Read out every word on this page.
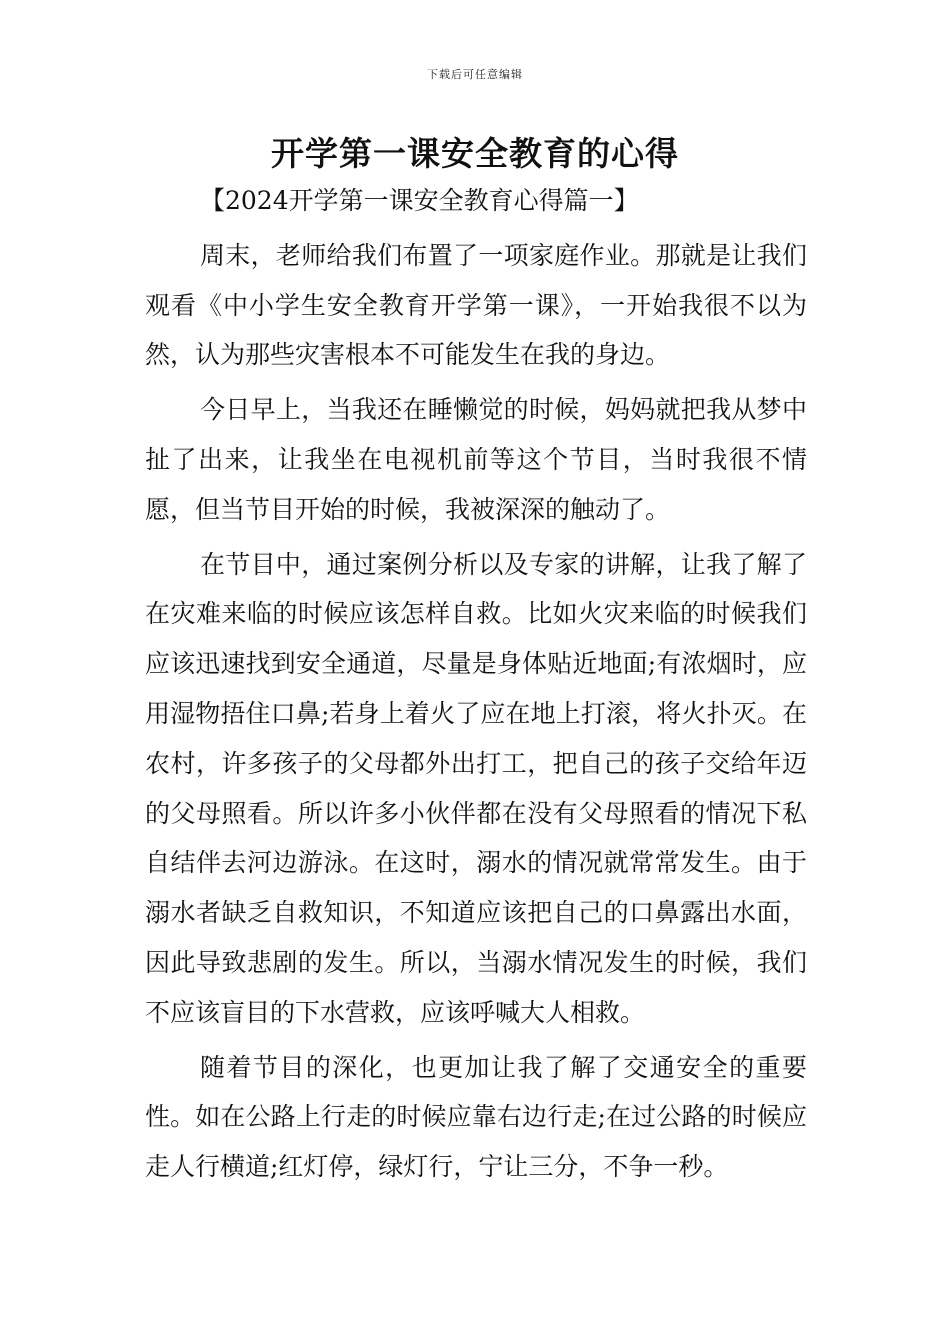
下载后可任意编辑
开学第一课安全教育的心得

【2024开学第一课安全教育心得篇一】

周末，老师给我们布置了一项家庭作业。那就是让我们观看《中小学生安全教育开学第一课》，一开始我很不以为然，认为那些灾害根本不可能发生在我的身边。

今日早上，当我还在睡懒觉的时候，妈妈就把我从梦中扯了出来，让我坐在电视机前等这个节目，当时我很不情愿，但当节目开始的时候，我被深深的触动了。

在节目中，通过案例分析以及专家的讲解，让我了解了在灾难来临的时候应该怎样自救。比如火灾来临的时候我们应该迅速找到安全通道，尽量是身体贴近地面;有浓烟时，应用湿物捂住口鼻;若身上着火了应在地上打滚，将火扑灭。在农村，许多孩子的父母都外出打工，把自己的孩子交给年迈的父母照看。所以许多小伙伴都在没有父母照看的情况下私自结伴去河边游泳。在这时，溺水的情况就常常发生。由于溺水者缺乏自救知识，不知道应该把自己的口鼻露出水面，因此导致悲剧的发生。所以，当溺水情况发生的时候，我们不应该盲目的下水营救，应该呼喊大人相救。

随着节目的深化，也更加让我了解了交通安全的重要性。如在公路上行走的时候应靠右边行走;在过公路的时候应走人行横道;红灯停，绿灯行，宁让三分，不争一秒。
